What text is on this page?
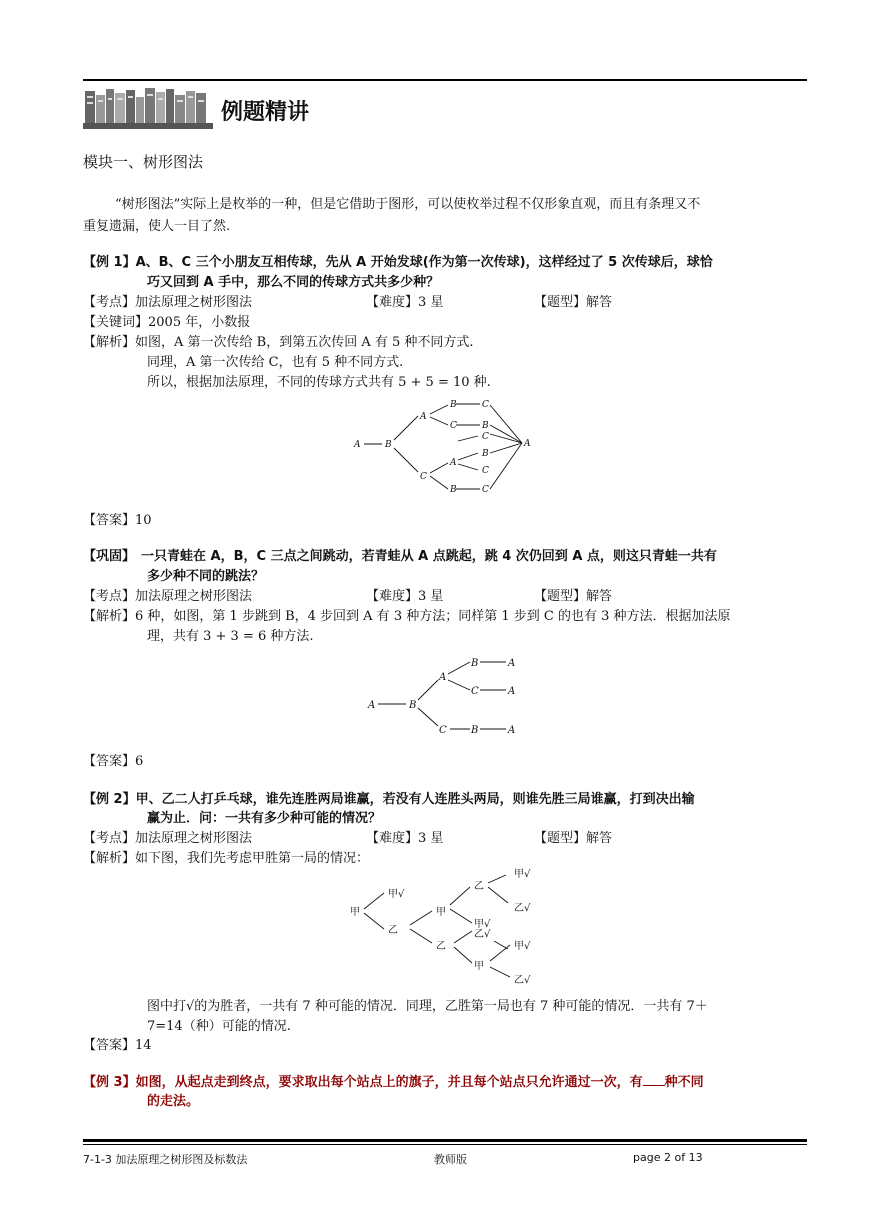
例题精讲
模块一、树形图法
“树形图法”实际上是枚举的一种，但是它借助于图形，可以使枚举过程不仅形象直观，而且有条理又不
重复遗漏，使人一目了然.
【例 1】A、B、C 三个小朋友互相传球，先从 A 开始发球(作为第一次传球)，这样经过了 5 次传球后，球恰
巧又回到 A 手中，那么不同的传球方式共多少种？
【考点】加法原理之树形图法	【难度】3 星	【题型】解答
【关键词】2005 年，小数报
【解析】如图，A 第一次传给 B，到第五次传回 A 有 5 种不同方式.
同理，A 第一次传给 C，也有 5 种不同方式.
所以，根据加法原理，不同的传球方式共有 5 + 5 = 10 种.
A	B
A
B	C
C	B
C
B
A
C
C
B	C
A
【答案】10
【巩固】 一只青蛙在 A，B，C 三点之间跳动，若青蛙从 A 点跳起，跳 4 次仍回到 A 点，则这只青蛙一共有
多少种不同的跳法？
【考点】加法原理之树形图法	【难度】3 星	【题型】解答
【解析】6 种，如图，第 1 步跳到 B，4 步回到 A 有 3 种方法；同样第 1 步到 C 的也有 3 种方法．根据加法原
理，共有 3 + 3 = 6 种方法.
A	B
A
B	A
C	A
C B	A
【答案】6
【例 2】甲、乙二人打乒乓球，谁先连胜两局谁赢，若没有人连胜头两局，则谁先胜三局谁赢，打到决出输
赢为止．问：一共有多少种可能的情况？
【考点】加法原理之树形图法	【难度】3 星	【题型】解答
【解析】如下图，我们先考虑甲胜第一局的情况：
甲
甲√
乙
甲
乙
甲√
乙√
甲√
乙
乙√
甲
甲√
乙√
图中打√的为胜者，一共有 7 种可能的情况．同理，乙胜第一局也有 7 种可能的情况．一共有 7＋
7=14（种）可能的情况.
【答案】14
【例 3】如图，从起点走到终点，要求取出每个站点上的旗子，并且每个站点只允许通过一次，有 种不同
的走法。
7-1-3 加法原理之树形图及标数法	教师版	page 2 of 13
